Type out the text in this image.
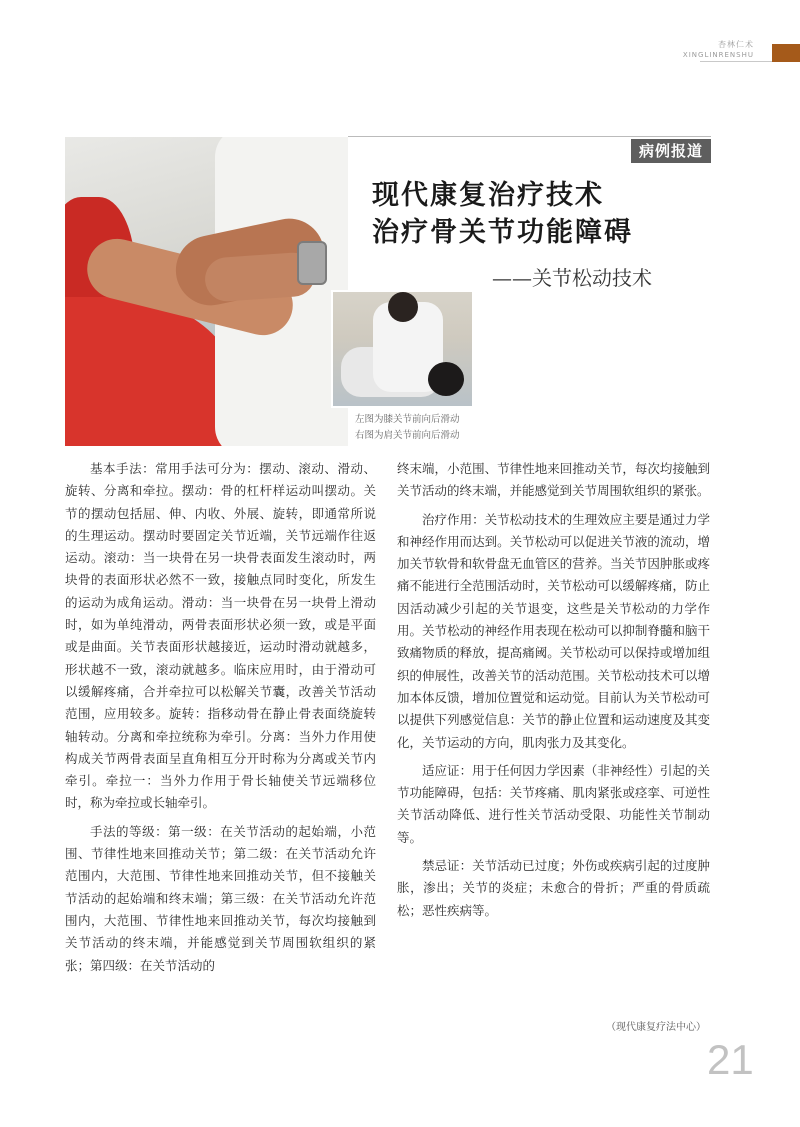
杏林仁术
XINGLINRENSHU
病例报道
现代康复治疗技术
治疗骨关节功能障碍
——关节松动技术
左图为膝关节前向后滑动
右图为肩关节前向后滑动

基本手法：常用手法可分为：摆动、滚动、滑动、旋转、分离和牵拉。摆动：骨的杠杆样运动叫摆动。关节的摆动包括屈、伸、内收、外展、旋转，即通常所说的生理运动。摆动时要固定关节近端，关节远端作往返运动。滚动：当一块骨在另一块骨表面发生滚动时，两块骨的表面形状必然不一致，接触点同时变化，所发生的运动为成角运动。滑动：当一块骨在另一块骨上滑动时，如为单纯滑动，两骨表面形状必须一致，或是平面或是曲面。关节表面形状越接近，运动时滑动就越多，形状越不一致，滚动就越多。临床应用时，由于滑动可以缓解疼痛，合并牵拉可以松解关节囊，改善关节活动范围，应用较多。旋转：指移动骨在静止骨表面绕旋转轴转动。分离和牵拉统称为牵引。分离：当外力作用使构成关节两骨表面呈直角相互分开时称为分离或关节内牵引。牵拉一：当外力作用于骨长轴使关节远端移位时，称为牵拉或长轴牵引。

手法的等级：第一级：在关节活动的起始端，小范围、节律性地来回推动关节；第二级：在关节活动允许范围内，大范围、节律性地来回推动关节，但不接触关节活动的起始端和终末端；第三级：在关节活动允许范围内，大范围、节律性地来回推动关节，每次均接触到关节活动的终末端，并能感觉到关节周围软组织的紧张；第四级：在关节活动的

终末端，小范围、节律性地来回推动关节，每次均接触到关节活动的终末端，并能感觉到关节周围软组织的紧张。

治疗作用：关节松动技术的生理效应主要是通过力学和神经作用而达到。关节松动可以促进关节液的流动，增加关节软骨和软骨盘无血管区的营养。当关节因肿胀或疼痛不能进行全范围活动时，关节松动可以缓解疼痛，防止因活动减少引起的关节退变，这些是关节松动的力学作用。关节松动的神经作用表现在松动可以抑制脊髓和脑干致痛物质的释放，提高痛阈。关节松动可以保持或增加组织的伸展性，改善关节的活动范围。关节松动技术可以增加本体反馈，增加位置觉和运动觉。目前认为关节松动可以提供下列感觉信息：关节的静止位置和运动速度及其变化，关节运动的方向，肌肉张力及其变化。

适应证：用于任何因力学因素（非神经性）引起的关节功能障碍，包括：关节疼痛、肌肉紧张或痉挛、可逆性关节活动降低、进行性关节活动受限、功能性关节制动等。

禁忌证：关节活动已过度；外伤或疾病引起的过度肿胀，渗出；关节的炎症；未愈合的骨折；严重的骨质疏松；恶性疾病等。

（现代康复疗法中心）
21
